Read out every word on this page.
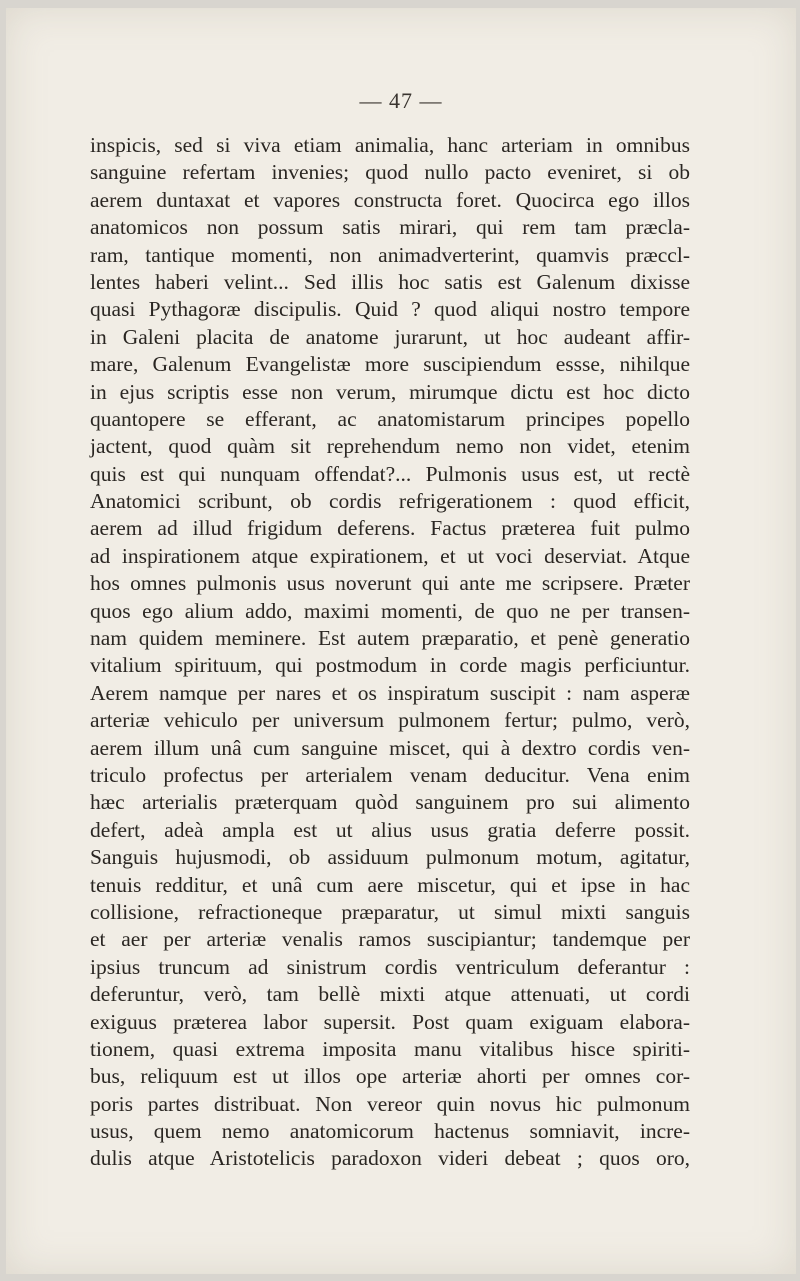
— 47 —
inspicis, sed si viva etiam animalia, hanc arteriam in omnibus
sanguine refertam invenies; quod nullo pacto eveniret, si ob
aerem duntaxat et vapores constructa foret. Quocirca ego illos
anatomicos non possum satis mirari, qui rem tam præcla-
ram, tantique momenti, non animadverterint, quamvis præccl-
lentes haberi velint... Sed illis hoc satis est Galenum dixisse
quasi Pythagoræ discipulis. Quid ? quod aliqui nostro tempore
in Galeni placita de anatome jurarunt, ut hoc audeant affir-
mare, Galenum Evangelistæ more suscipiendum essse, nihilque
in ejus scriptis esse non verum, mirumque dictu est hoc dicto
quantopere se efferant, ac anatomistarum principes popello
jactent, quod quàm sit reprehendum nemo non videt, etenim
quis est qui nunquam offendat?... Pulmonis usus est, ut rectè
Anatomici scribunt, ob cordis refrigerationem : quod efficit,
aerem ad illud frigidum deferens. Factus præterea fuit pulmo
ad inspirationem atque expirationem, et ut voci deserviat. Atque
hos omnes pulmonis usus noverunt qui ante me scripsere. Præter
quos ego alium addo, maximi momenti, de quo ne per transen-
nam quidem meminere. Est autem præparatio, et penè generatio
vitalium spirituum, qui postmodum in corde magis perficiuntur.
Aerem namque per nares et os inspiratum suscipit : nam asperæ
arteriæ vehiculo per universum pulmonem fertur; pulmo, verò,
aerem illum unâ cum sanguine miscet, qui à dextro cordis ven-
triculo profectus per arterialem venam deducitur. Vena enim
hæc arterialis præterquam quòd sanguinem pro sui alimento
defert, adeà ampla est ut alius usus gratia deferre possit.
Sanguis hujusmodi, ob assiduum pulmonum motum, agitatur,
tenuis redditur, et unâ cum aere miscetur, qui et ipse in hac
collisione, refractioneque præparatur, ut simul mixti sanguis
et aer per arteriæ venalis ramos suscipiantur; tandemque per
ipsius truncum ad sinistrum cordis ventriculum deferantur :
deferuntur, verò, tam bellè mixti atque attenuati, ut cordi
exiguus præterea labor supersit. Post quam exiguam elabora-
tionem, quasi extrema imposita manu vitalibus hisce spiriti-
bus, reliquum est ut illos ope arteriæ ahorti per omnes cor-
poris partes distribuat. Non vereor quin novus hic pulmonum
usus, quem nemo anatomicorum hactenus somniavit, incre-
dulis atque Aristotelicis paradoxon videri debeat ; quos oro,
